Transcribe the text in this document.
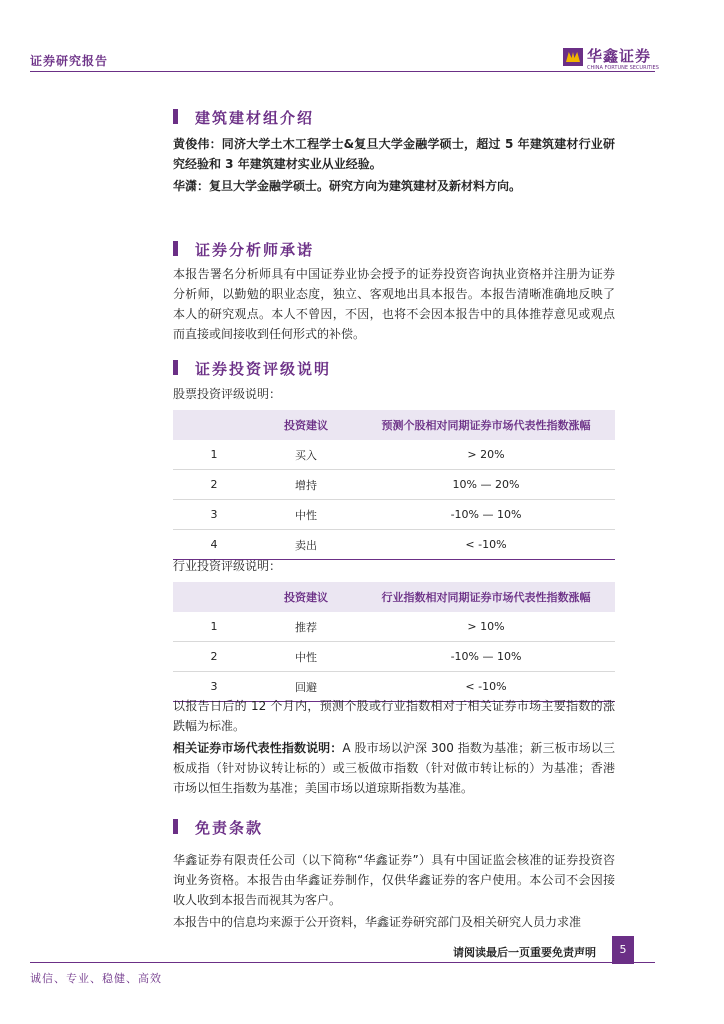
证券研究报告	华鑫证券
CHINA FORTUNE SECURITIES
建筑建材组介绍
黄俊伟：同济大学土木工程学士&复旦大学金融学硕士，超过 5 年建筑建材行业研究经验和 3 年建筑建材实业从业经验。
华潇：复旦大学金融学硕士。研究方向为建筑建材及新材料方向。
证券分析师承诺
本报告署名分析师具有中国证券业协会授予的证券投资咨询执业资格并注册为证券分析师，以勤勉的职业态度，独立、客观地出具本报告。本报告清晰准确地反映了本人的研究观点。本人不曾因，不因，也将不会因本报告中的具体推荐意见或观点而直接或间接收到任何形式的补偿。
证券投资评级说明
股票投资评级说明：
	投资建议	预测个股相对同期证券市场代表性指数涨幅
1	买入	> 20%
2	增持	10% — 20%
3	中性	-10% — 10%
4	卖出	< -10%
行业投资评级说明：
	投资建议	行业指数相对同期证券市场代表性指数涨幅
1	推荐	> 10%
2	中性	-10% — 10%
3	回避	< -10%
以报告日后的 12 个月内，预测个股或行业指数相对于相关证券市场主要指数的涨跌幅为标准。
相关证券市场代表性指数说明：A 股市场以沪深 300 指数为基准；新三板市场以三板成指（针对协议转让标的）或三板做市指数（针对做市转让标的）为基准；香港市场以恒生指数为基准；美国市场以道琼斯指数为基准。
免责条款
华鑫证券有限责任公司（以下简称“华鑫证券”）具有中国证监会核准的证券投资咨询业务资格。本报告由华鑫证券制作，仅供华鑫证券的客户使用。本公司不会因接收人收到本报告而视其为客户。
本报告中的信息均来源于公开资料，华鑫证券研究部门及相关研究人员力求准
请阅读最后一页重要免责声明	5
诚信、专业、稳健、高效
